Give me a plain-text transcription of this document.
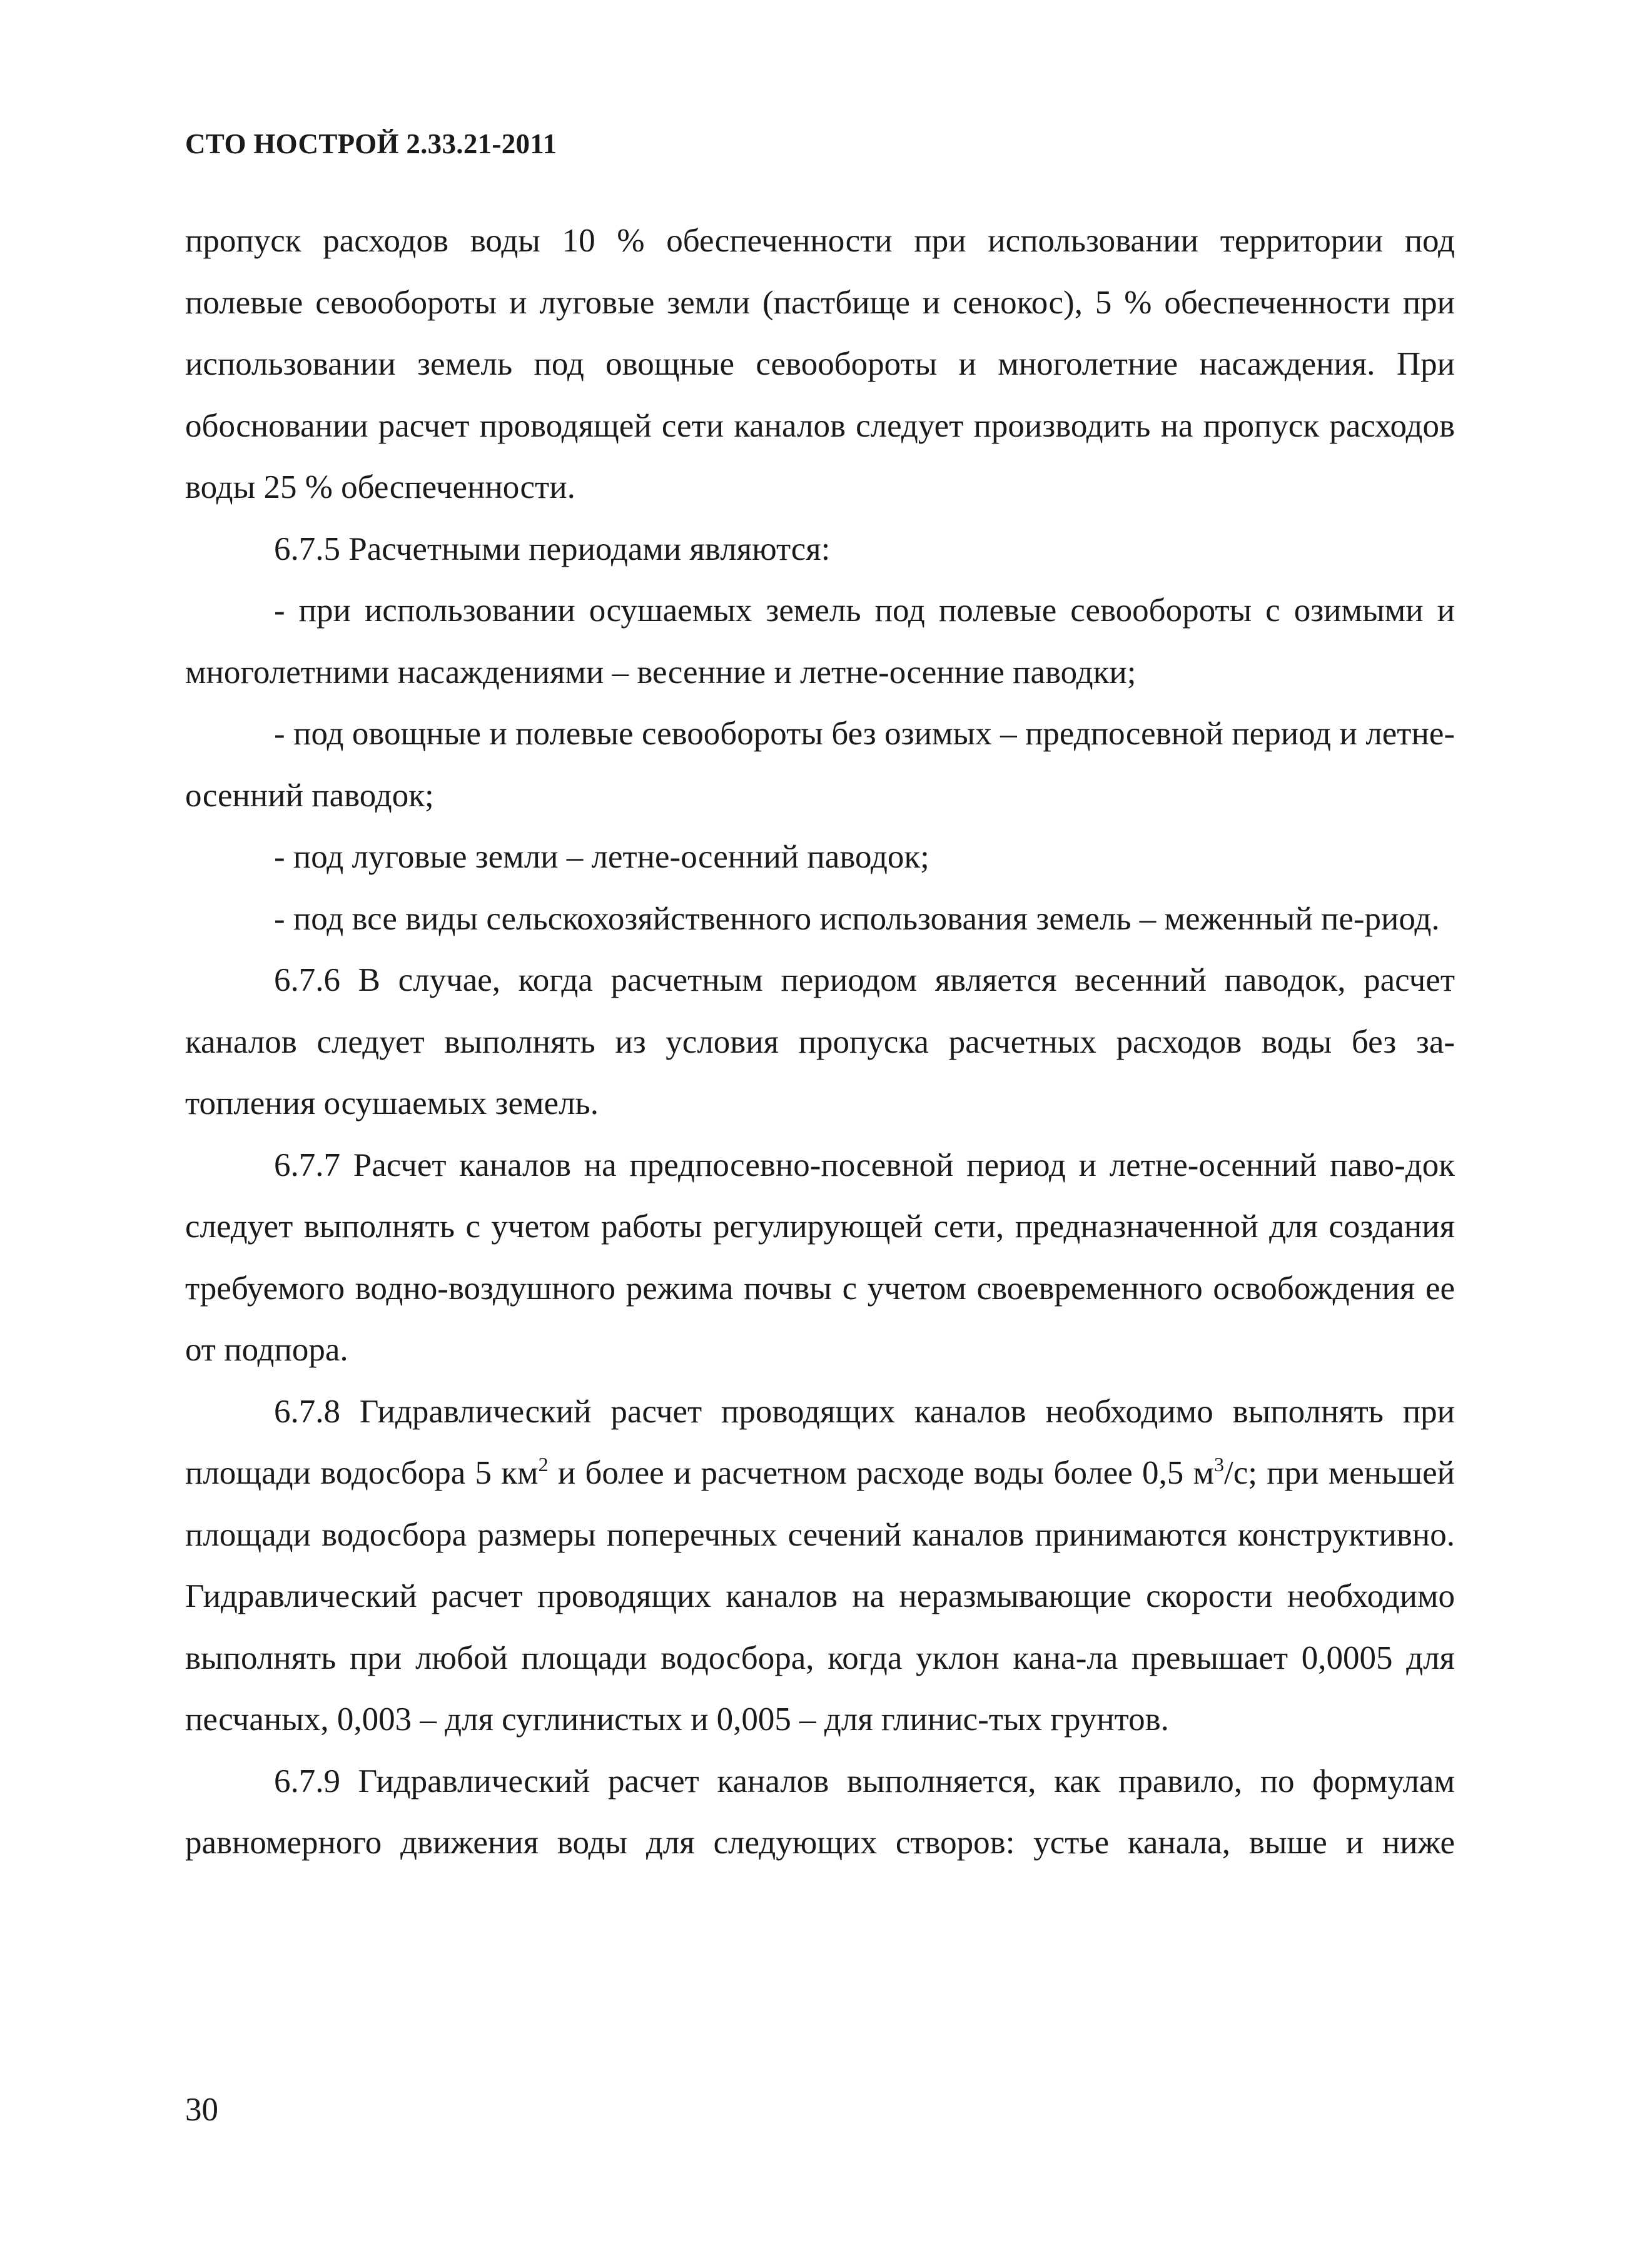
СТО НОСТРОЙ 2.33.21-2011

пропуск расходов воды 10 % обеспеченности при использовании территории под полевые севообороты и луговые земли (пастбище и сенокос), 5 % обеспеченности при использовании земель под овощные севообороты и многолетние насаждения. При обосновании расчет проводящей сети каналов следует производить на пропуск расходов воды 25 % обеспеченности.

6.7.5 Расчетными периодами являются:

- при использовании осушаемых земель под полевые севообороты с озимыми и многолетними насаждениями – весенние и летне-осенние паводки;

- под овощные и полевые севообороты без озимых – предпосевной период и летне-осенний паводок;

- под луговые земли – летне-осенний паводок;

- под все виды сельскохозяйственного использования земель – меженный пе-риод.

6.7.6 В случае, когда расчетным периодом является весенний паводок, расчет каналов следует выполнять из условия пропуска расчетных расходов воды без за-топления осушаемых земель.

6.7.7 Расчет каналов на предпосевно-посевной период и летне-осенний паво-док следует выполнять с учетом работы регулирующей сети, предназначенной для создания требуемого водно-воздушного режима почвы с учетом своевременного освобождения ее от подпора.

6.7.8 Гидравлический расчет проводящих каналов необходимо выполнять при площади водосбора 5 $км^2$ и более и расчетном расходе воды более 0,5 $м^3/с$; при меньшей площади водосбора размеры поперечных сечений каналов принимаются конструктивно. Гидравлический расчет проводящих каналов на неразмывающие скорости необходимо выполнять при любой площади водосбора, когда уклон кана-ла превышает 0,0005 для песчаных, 0,003 – для суглинистых и 0,005 – для глинис-тых грунтов.

6.7.9 Гидравлический расчет каналов выполняется, как правило, по формулам равномерного движения воды для следующих створов: устье канала, выше и ниже

30
